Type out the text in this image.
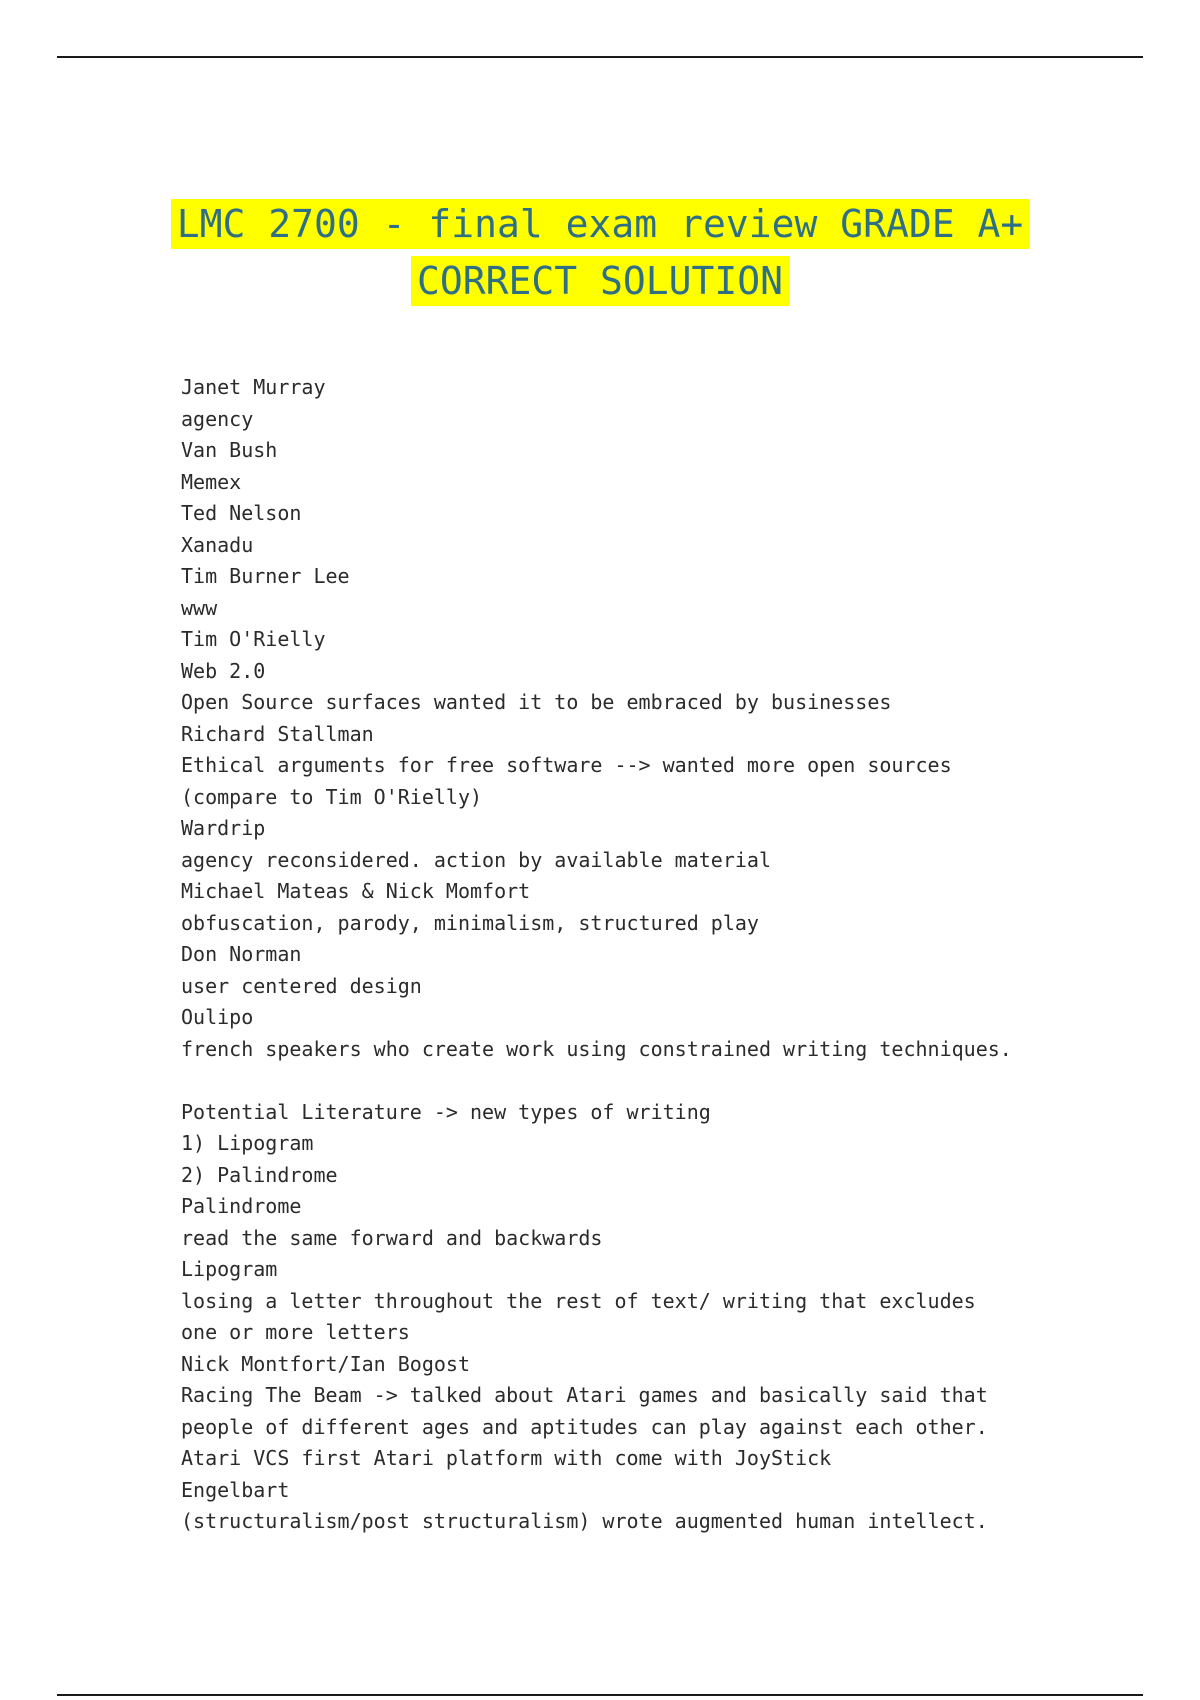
LMC 2700 - final exam review GRADE A+
CORRECT SOLUTION
Janet Murray
agency
Van Bush
Memex
Ted Nelson
Xanadu
Tim Burner Lee
www
Tim O'Rielly
Web 2.0
Open Source surfaces wanted it to be embraced by businesses
Richard Stallman
Ethical arguments for free software --> wanted more open sources
(compare to Tim O'Rielly)
Wardrip
agency reconsidered. action by available material
Michael Mateas & Nick Momfort
obfuscation, parody, minimalism, structured play
Don Norman
user centered design
Oulipo
french speakers who create work using constrained writing techniques.
Potential Literature -> new types of writing
1) Lipogram
2) Palindrome
Palindrome
read the same forward and backwards
Lipogram
losing a letter throughout the rest of text/ writing that excludes
one or more letters
Nick Montfort/Ian Bogost
Racing The Beam -> talked about Atari games and basically said that
people of different ages and aptitudes can play against each other.
Atari VCS first Atari platform with come with JoyStick
Engelbart
(structuralism/post structuralism) wrote augmented human intellect.
